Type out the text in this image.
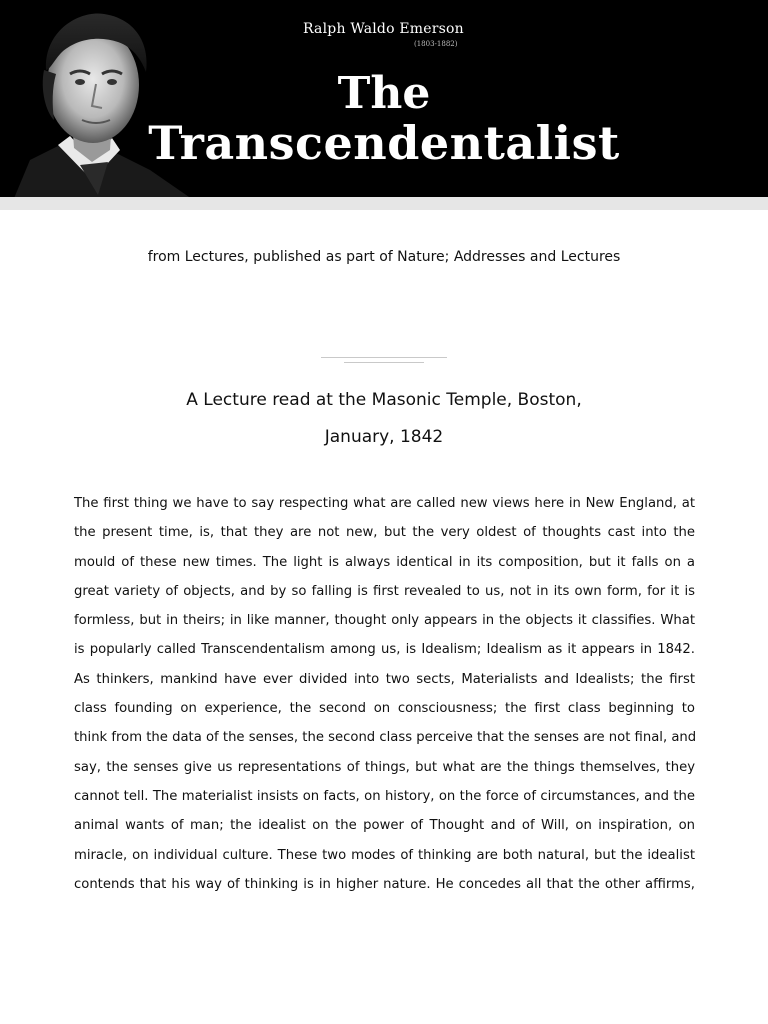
Ralph Waldo Emerson
(1803-1882)
The
Transcendentalist
from Lectures, published as part of Nature; Addresses and Lectures
A Lecture read at the Masonic Temple, Boston,
January, 1842
The first thing we have to say respecting what are called new views here in New England, at
the present time, is, that they are not new, but the very oldest of thoughts cast into the
mould of these new times. The light is always identical in its composition, but it falls on a
great variety of objects, and by so falling is first revealed to us, not in its own form, for it is
formless, but in theirs; in like manner, thought only appears in the objects it classifies. What
is popularly called Transcendentalism among us, is Idealism; Idealism as it appears in 1842.
As thinkers, mankind have ever divided into two sects, Materialists and Idealists; the first
class founding on experience, the second on consciousness; the first class beginning to
think from the data of the senses, the second class perceive that the senses are not final, and
say, the senses give us representations of things, but what are the things themselves, they
cannot tell. The materialist insists on facts, on history, on the force of circumstances, and the
animal wants of man; the idealist on the power of Thought and of Will, on inspiration, on
miracle, on individual culture. These two modes of thinking are both natural, but the idealist
contends that his way of thinking is in higher nature. He concedes all that the other affirms,
